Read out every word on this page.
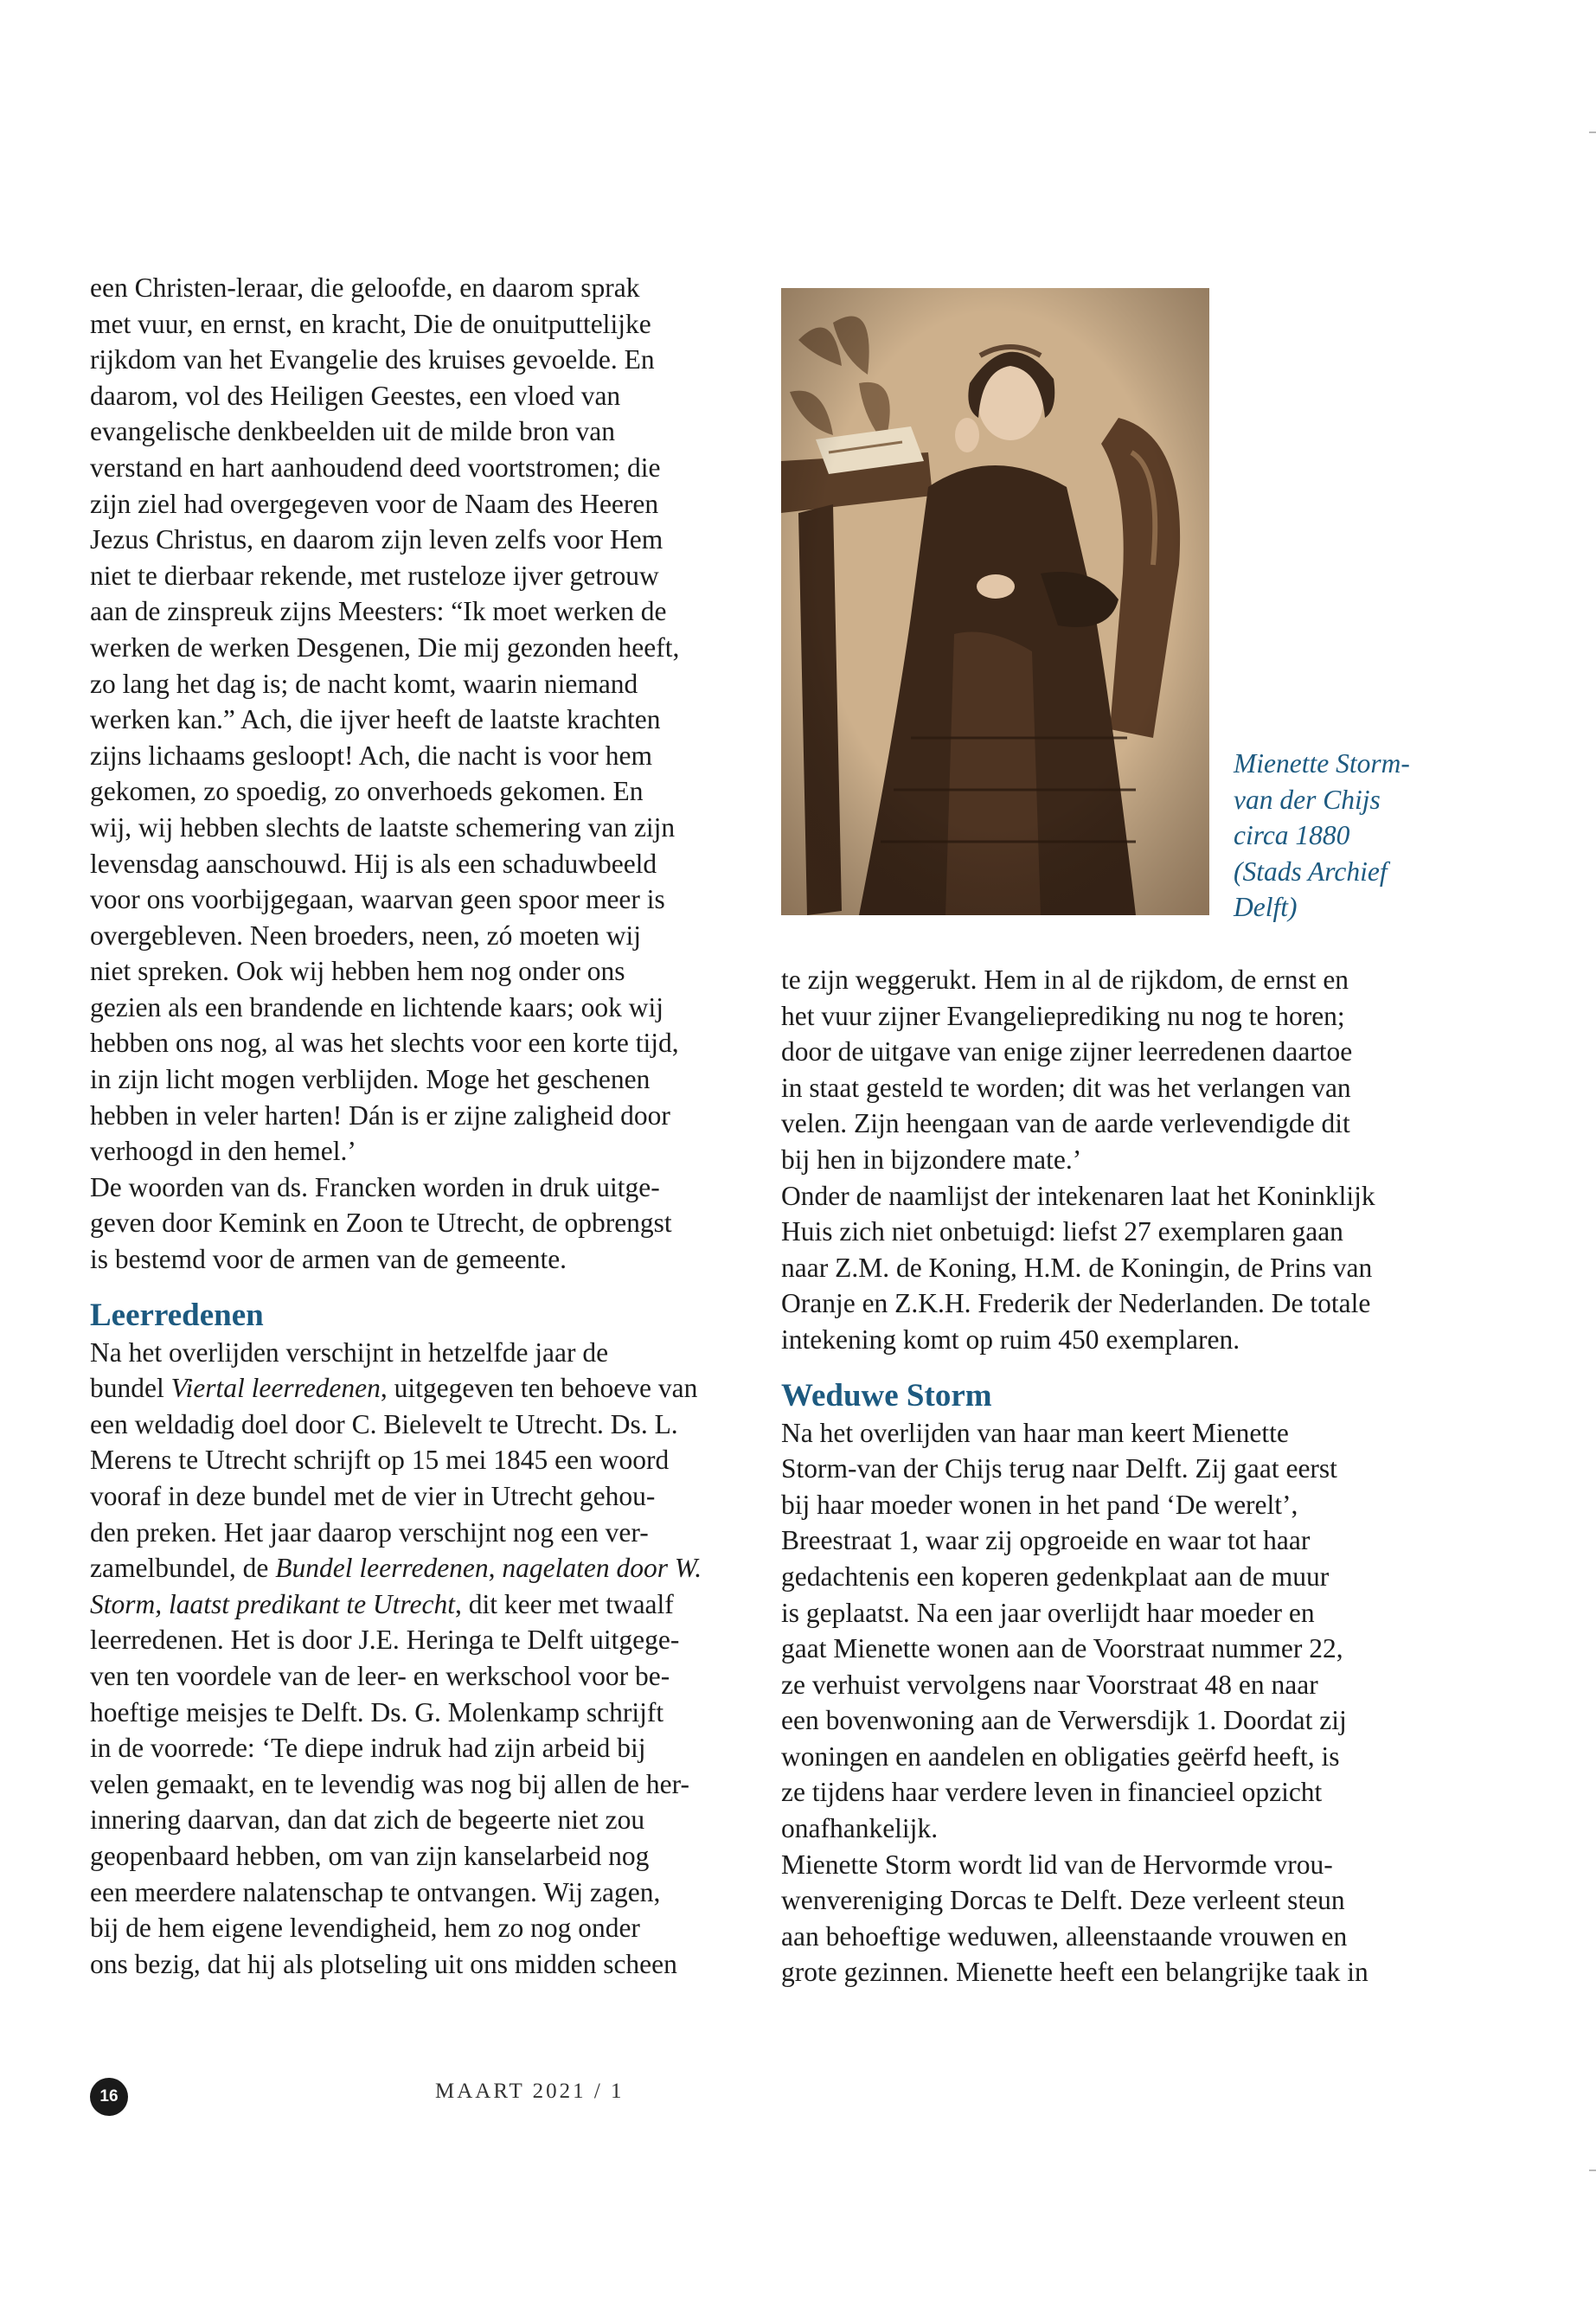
een Christen-leraar, die geloofde, en daarom sprak
met vuur, en ernst, en kracht, Die de onuitputtelijke
rijkdom van het Evangelie des kruises gevoelde. En
daarom, vol des Heiligen Geestes, een vloed van
evangelische denkbeelden uit de milde bron van
verstand en hart aanhoudend deed voortstromen; die
zijn ziel had overgegeven voor de Naam des Heeren
Jezus Christus, en daarom zijn leven zelfs voor Hem
niet te dierbaar rekende, met rusteloze ijver getrouw
aan de zinspreuk zijns Meesters: “Ik moet werken de
werken de werken Desgenen, Die mij gezonden heeft,
zo lang het dag is; de nacht komt, waarin niemand
werken kan.” Ach, die ijver heeft de laatste krachten
zijns lichaams gesloopt! Ach, die nacht is voor hem
gekomen, zo spoedig, zo onverhoeds gekomen. En
wij, wij hebben slechts de laatste schemering van zijn
levensdag aanschouwd. Hij is als een schaduwbeeld
voor ons voorbijgegaan, waarvan geen spoor meer is
overgebleven. Neen broeders, neen, zó moeten wij
niet spreken. Ook wij hebben hem nog onder ons
gezien als een brandende en lichtende kaars; ook wij
hebben ons nog, al was het slechts voor een korte tijd,
in zijn licht mogen verblijden. Moge het geschenen
hebben in veler harten! Dán is er zijne zaligheid door
verhoogd in den hemel.’

De woorden van ds. Francken worden in druk uitge-
geven door Kemink en Zoon te Utrecht, de opbrengst
is bestemd voor de armen van de gemeente.

Leerredenen

Na het overlijden verschijnt in hetzelfde jaar de
bundel Viertal leerredenen, uitgegeven ten behoeve van
een weldadig doel door C. Bielevelt te Utrecht. Ds. L.
Merens te Utrecht schrijft op 15 mei 1845 een woord
vooraf in deze bundel met de vier in Utrecht gehou-
den preken. Het jaar daarop verschijnt nog een ver-
zamelbundel, de Bundel leerredenen, nagelaten door W.
Storm, laatst predikant te Utrecht, dit keer met twaalf
leerredenen. Het is door J.E. Heringa te Delft uitgege-
ven ten voordele van de leer- en werkschool voor be-
hoeftige meisjes te Delft. Ds. G. Molenkamp schrijft
in de voorrede: ‘Te diepe indruk had zijn arbeid bij
velen gemaakt, en te levendig was nog bij allen de her-
innering daarvan, dan dat zich de begeerte niet zou
geopenbaard hebben, om van zijn kanselarbeid nog
een meerdere nalatenschap te ontvangen. Wij zagen,
bij de hem eigene levendigheid, hem zo nog onder
ons bezig, dat hij als plotseling uit ons midden scheen

Mienette Storm-
van der Chijs
circa 1880
(Stads Archief
Delft)

te zijn weggerukt. Hem in al de rijkdom, de ernst en
het vuur zijner Evangelieprediking nu nog te horen;
door de uitgave van enige zijner leerredenen daartoe
in staat gesteld te worden; dit was het verlangen van
velen. Zijn heengaan van de aarde verlevendigde dit
bij hen in bijzondere mate.’

Onder de naamlijst der intekenaren laat het Koninklijk
Huis zich niet onbetuigd: liefst 27 exemplaren gaan
naar Z.M. de Koning, H.M. de Koningin, de Prins van
Oranje en Z.K.H. Frederik der Nederlanden. De totale
intekening komt op ruim 450 exemplaren.

Weduwe Storm

Na het overlijden van haar man keert Mienette
Storm-van der Chijs terug naar Delft. Zij gaat eerst
bij haar moeder wonen in het pand ‘De werelt’,
Breestraat 1, waar zij opgroeide en waar tot haar
gedachtenis een koperen gedenkplaat aan de muur
is geplaatst. Na een jaar overlijdt haar moeder en
gaat Mienette wonen aan de Voorstraat nummer 22,
ze verhuist vervolgens naar Voorstraat 48 en naar
een bovenwoning aan de Verwersdijk 1. Doordat zij
woningen en aandelen en obligaties geërfd heeft, is
ze tijdens haar verdere leven in financieel opzicht
onafhankelijk.

Mienette Storm wordt lid van de Hervormde vrou-
wenvereniging Dorcas te Delft. Deze verleent steun
aan behoeftige weduwen, alleenstaande vrouwen en
grote gezinnen. Mienette heeft een belangrijke taak in

16	MAART 2021 / 1
